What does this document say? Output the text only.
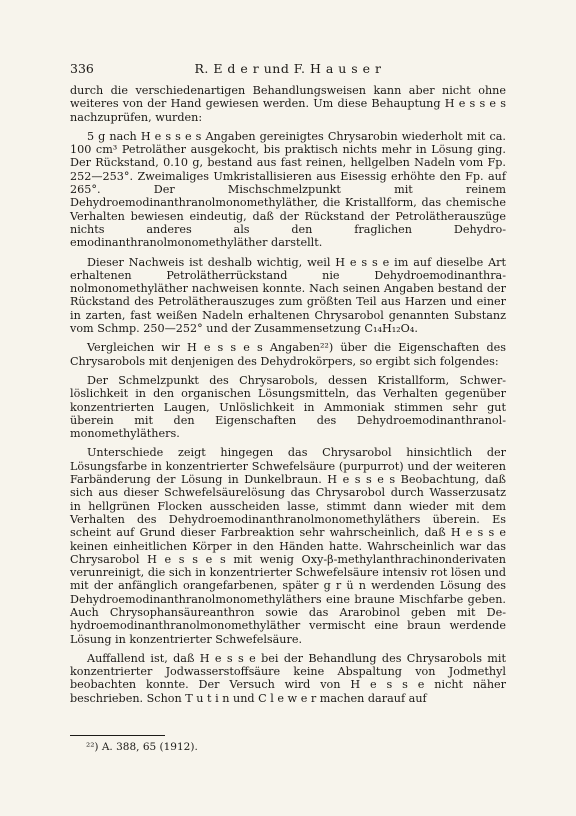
336	R. E d e r und F. H a u s e r

durch die verschiedenartigen Behandlungsweisen kann aber nicht ohne weiteres von der Hand gewiesen werden. Um diese Behauptung H e s s e s nachzuprüfen, wurden:

5 g nach H e s s e s Angaben gereinigtes Chrysarobin wiederholt mit ca. 100 cm³ Petroläther ausgekocht, bis praktisch nichts mehr in Lösung ging. Der Rückstand, 0.10 g, bestand aus fast reinen, hellgelben Nadeln vom Fp. 252—253°. Zweimaliges Umkristallisieren aus Eisessig erhöhte den Fp. auf 265°. Der Mischschmelzpunkt mit reinem Dehydroemodinanthranolmonomethyläther, die Kristallform, das chemische Verhalten bewiesen eindeutig, daß der Rückstand der Petrolätherauszüge nichts anderes als den fraglichen Dehydroemodinanthranolmonomethyläther darstellt.

Dieser Nachweis ist deshalb wichtig, weil H e s s e im auf dieselbe Art erhaltenen Petrolätherrückstand nie Dehydroemodinanthranolmonomethyläther nachweisen konnte. Nach seinen Angaben bestand der Rückstand des Petrolätherauszuges zum größten Teil aus Harzen und einer in zarten, fast weißen Nadeln erhaltenen Chrysarobol genannten Substanz vom Schmp. 250—252° und der Zusammensetzung C₁₄H₁₂O₄.

Vergleichen wir H e s s e s Angaben²²) über die Eigenschaften des Chrysarobols mit denjenigen des Dehydrokörpers, so ergibt sich folgendes:

Der Schmelzpunkt des Chrysarobols, dessen Kristallform, Schwerlöslichkeit in den organischen Lösungsmitteln, das Verhalten gegenüber konzentrierten Laugen, Unlöslichkeit in Ammoniak stimmen sehr gut überein mit den Eigenschaften des Dehydroemodinanthranolmonomethyläthers.

Unterschiede zeigt hingegen das Chrysarobol hinsichtlich der Lösungsfarbe in konzentrierter Schwefelsäure (purpurrot) und der weiteren Farbänderung der Lösung in Dunkelbraun. H e s s e s Beobachtung, daß sich aus dieser Schwefelsäurelösung das Chrysarobol durch Wasserzusatz in hellgrünen Flocken ausscheiden lasse, stimmt dann wieder mit dem Verhalten des Dehydroemodinanthranolmonomethyläthers überein. Es scheint auf Grund dieser Farbreaktion sehr wahrscheinlich, daß H e s s e keinen einheitlichen Körper in den Händen hatte. Wahrscheinlich war das Chrysarobol H e s s e s mit wenig Oxy-β-methylanthrachinonderivaten verunreinigt, die sich in konzentrierter Schwefelsäure intensiv rot lösen und mit der anfänglich orangefarbenen, später g r ü n werdenden Lösung des Dehydroemodinanthranolmonomethyläthers eine braune Mischfarbe geben. Auch Chrysophansäureanthron sowie das Ararobinol geben mit Dehydroemodinanthranolmonomethyläther vermischt eine braun werdende Lösung in konzentrierter Schwefelsäure.

Auffallend ist, daß H e s s e bei der Behandlung des Chrysarobols mit konzentrierter Jodwasserstoffsäure keine Abspaltung von Jodmethyl beobachten konnte. Der Versuch wird von H e s s e nicht näher beschrieben. Schon T u t i n und C l e w e r machen darauf auf

²²) A. 388, 65 (1912).
